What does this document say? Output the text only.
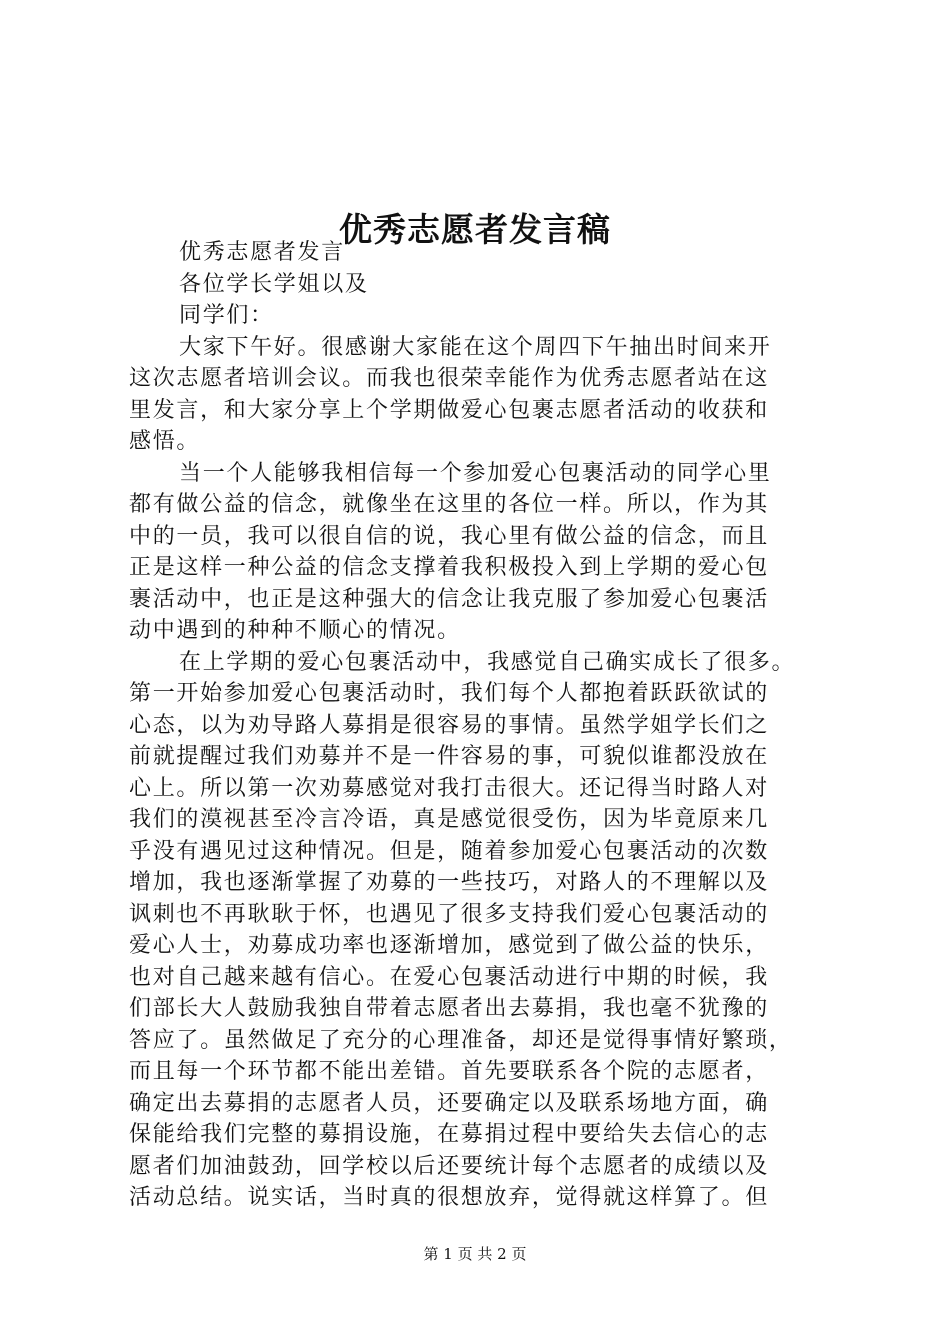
优秀志愿者发言稿
优秀志愿者发言
各位学长学姐以及
同学们：
大家下午好。很感谢大家能在这个周四下午抽出时间来开
这次志愿者培训会议。而我也很荣幸能作为优秀志愿者站在这
里发言，和大家分享上个学期做爱心包裹志愿者活动的收获和
感悟。
当一个人能够我相信每一个参加爱心包裹活动的同学心里
都有做公益的信念，就像坐在这里的各位一样。所以，作为其
中的一员，我可以很自信的说，我心里有做公益的信念，而且
正是这样一种公益的信念支撑着我积极投入到上学期的爱心包
裹活动中，也正是这种强大的信念让我克服了参加爱心包裹活
动中遇到的种种不顺心的情况。
在上学期的爱心包裹活动中，我感觉自己确实成长了很多。
第一开始参加爱心包裹活动时，我们每个人都抱着跃跃欲试的
心态，以为劝导路人募捐是很容易的事情。虽然学姐学长们之
前就提醒过我们劝募并不是一件容易的事，可貌似谁都没放在
心上。所以第一次劝募感觉对我打击很大。还记得当时路人对
我们的漠视甚至冷言冷语，真是感觉很受伤，因为毕竟原来几
乎没有遇见过这种情况。但是，随着参加爱心包裹活动的次数
增加，我也逐渐掌握了劝募的一些技巧，对路人的不理解以及
讽刺也不再耿耿于怀，也遇见了很多支持我们爱心包裹活动的
爱心人士，劝募成功率也逐渐增加，感觉到了做公益的快乐，
也对自己越来越有信心。在爱心包裹活动进行中期的时候，我
们部长大人鼓励我独自带着志愿者出去募捐，我也毫不犹豫的
答应了。虽然做足了充分的心理准备，却还是觉得事情好繁琐，
而且每一个环节都不能出差错。首先要联系各个院的志愿者，
确定出去募捐的志愿者人员，还要确定以及联系场地方面，确
保能给我们完整的募捐设施，在募捐过程中要给失去信心的志
愿者们加油鼓劲，回学校以后还要统计每个志愿者的成绩以及
活动总结。说实话，当时真的很想放弃，觉得就这样算了。但
第 1 页 共 2 页
